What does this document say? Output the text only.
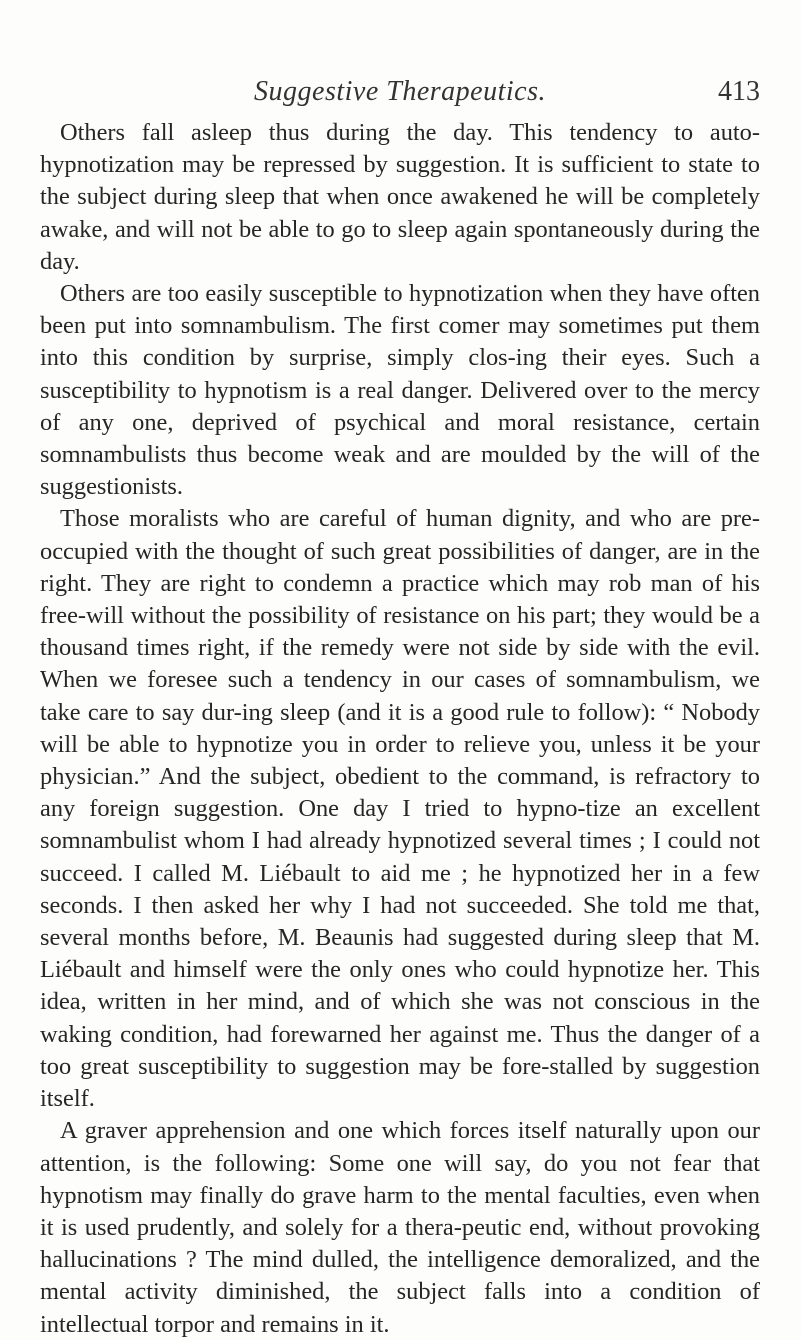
Suggestive Therapeutics.	413

Others fall asleep thus during the day. This tendency to auto-hypnotization may be repressed by suggestion. It is sufficient to state to the subject during sleep that when once awakened he will be completely awake, and will not be able to go to sleep again spontaneously during the day.

Others are too easily susceptible to hypnotization when they have often been put into somnambulism. The first comer may sometimes put them into this condition by surprise, simply clos-ing their eyes. Such a susceptibility to hypnotism is a real danger. Delivered over to the mercy of any one, deprived of psychical and moral resistance, certain somnambulists thus become weak and are moulded by the will of the suggestionists.

Those moralists who are careful of human dignity, and who are pre-occupied with the thought of such great possibilities of danger, are in the right. They are right to condemn a practice which may rob man of his free-will without the possibility of resistance on his part; they would be a thousand times right, if the remedy were not side by side with the evil. When we foresee such a tendency in our cases of somnambulism, we take care to say dur-ing sleep (and it is a good rule to follow): “ Nobody will be able to hypnotize you in order to relieve you, unless it be your physician.” And the subject, obedient to the command, is refractory to any foreign suggestion. One day I tried to hypno-tize an excellent somnambulist whom I had already hypnotized several times ; I could not succeed. I called M. Liébault to aid me ; he hypnotized her in a few seconds. I then asked her why I had not succeeded. She told me that, several months before, M. Beaunis had suggested during sleep that M. Liébault and himself were the only ones who could hypnotize her. This idea, written in her mind, and of which she was not conscious in the waking condition, had forewarned her against me. Thus the danger of a too great susceptibility to suggestion may be fore-stalled by suggestion itself.

A graver apprehension and one which forces itself naturally upon our attention, is the following: Some one will say, do you not fear that hypnotism may finally do grave harm to the mental faculties, even when it is used prudently, and solely for a thera-peutic end, without provoking hallucinations ? The mind dulled, the intelligence demoralized, and the mental activity diminished, the subject falls into a condition of intellectual torpor and remains in it.
